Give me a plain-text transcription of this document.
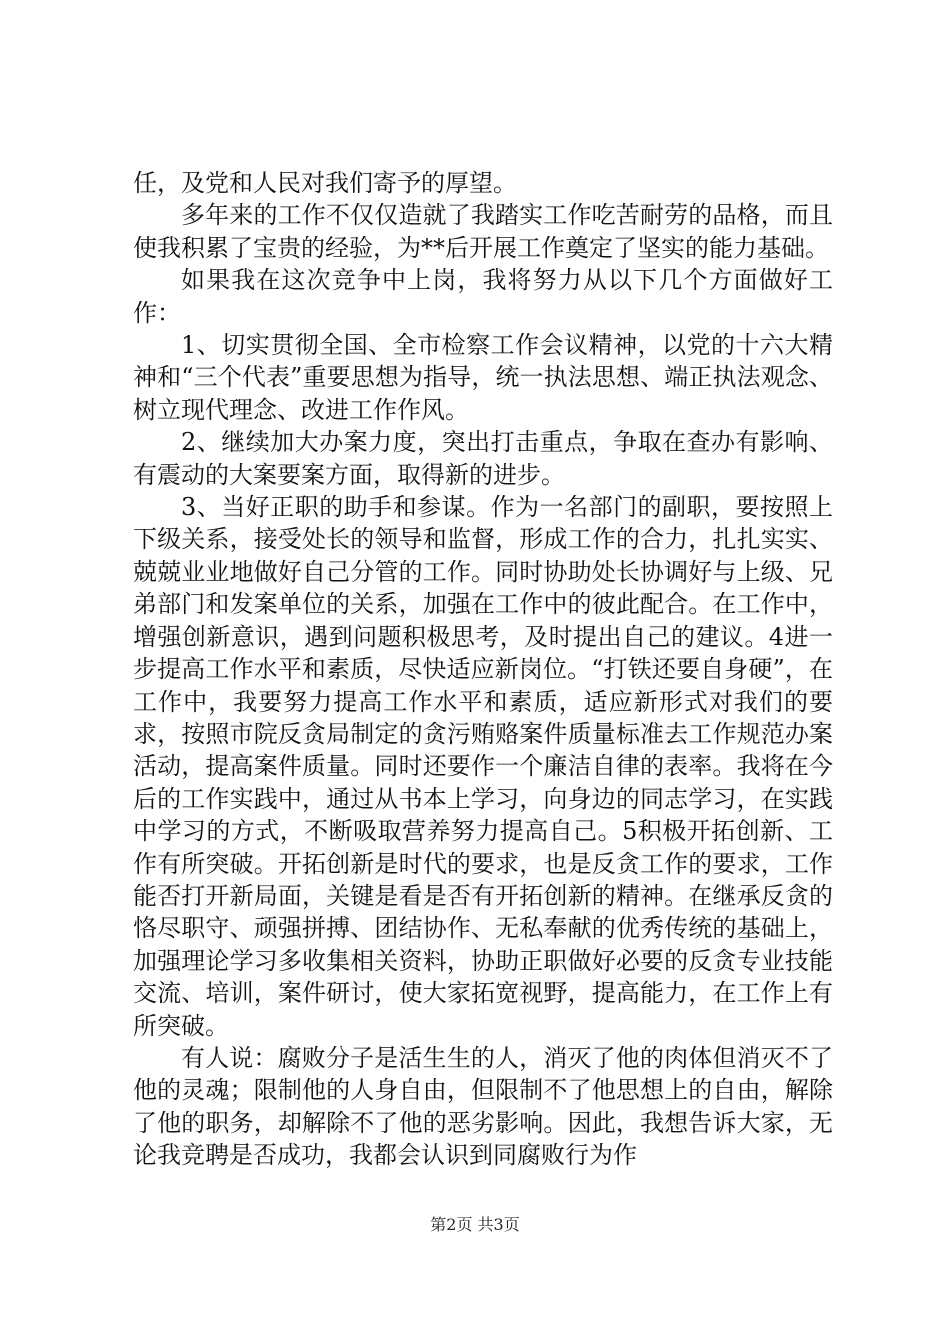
任，及党和人民对我们寄予的厚望。

多年来的工作不仅仅造就了我踏实工作吃苦耐劳的品格，而且使我积累了宝贵的经验，为**后开展工作奠定了坚实的能力基础。

如果我在这次竞争中上岗，我将努力从以下几个方面做好工作：

1、切实贯彻全国、全市检察工作会议精神，以党的十六大精神和“三个代表”重要思想为指导，统一执法思想、端正执法观念、树立现代理念、改进工作作风。

2、继续加大办案力度，突出打击重点，争取在查办有影响、有震动的大案要案方面，取得新的进步。

3、当好正职的助手和参谋。作为一名部门的副职，要按照上下级关系，接受处长的领导和监督，形成工作的合力，扎扎实实、兢兢业业地做好自己分管的工作。同时协助处长协调好与上级、兄弟部门和发案单位的关系，加强在工作中的彼此配合。在工作中，增强创新意识，遇到问题积极思考，及时提出自己的建议。4进一步提高工作水平和素质，尽快适应新岗位。“打铁还要自身硬”，在工作中，我要努力提高工作水平和素质，适应新形式对我们的要求，按照市院反贪局制定的贪污贿赂案件质量标准去工作规范办案活动，提高案件质量。同时还要作一个廉洁自律的表率。我将在今后的工作实践中，通过从书本上学习，向身边的同志学习，在实践中学习的方式，不断吸取营养努力提高自己。5积极开拓创新、工作有所突破。开拓创新是时代的要求，也是反贪工作的要求，工作能否打开新局面，关键是看是否有开拓创新的精神。在继承反贪的恪尽职守、顽强拼搏、团结协作、无私奉献的优秀传统的基础上，加强理论学习多收集相关资料，协助正职做好必要的反贪专业技能交流、培训，案件研讨，使大家拓宽视野，提高能力，在工作上有所突破。

有人说：腐败分子是活生生的人，消灭了他的肉体但消灭不了他的灵魂；限制他的人身自由，但限制不了他思想上的自由，解除了他的职务，却解除不了他的恶劣影响。因此，我想告诉大家，无论我竞聘是否成功，我都会认识到同腐败行为作

第2页 共3页
